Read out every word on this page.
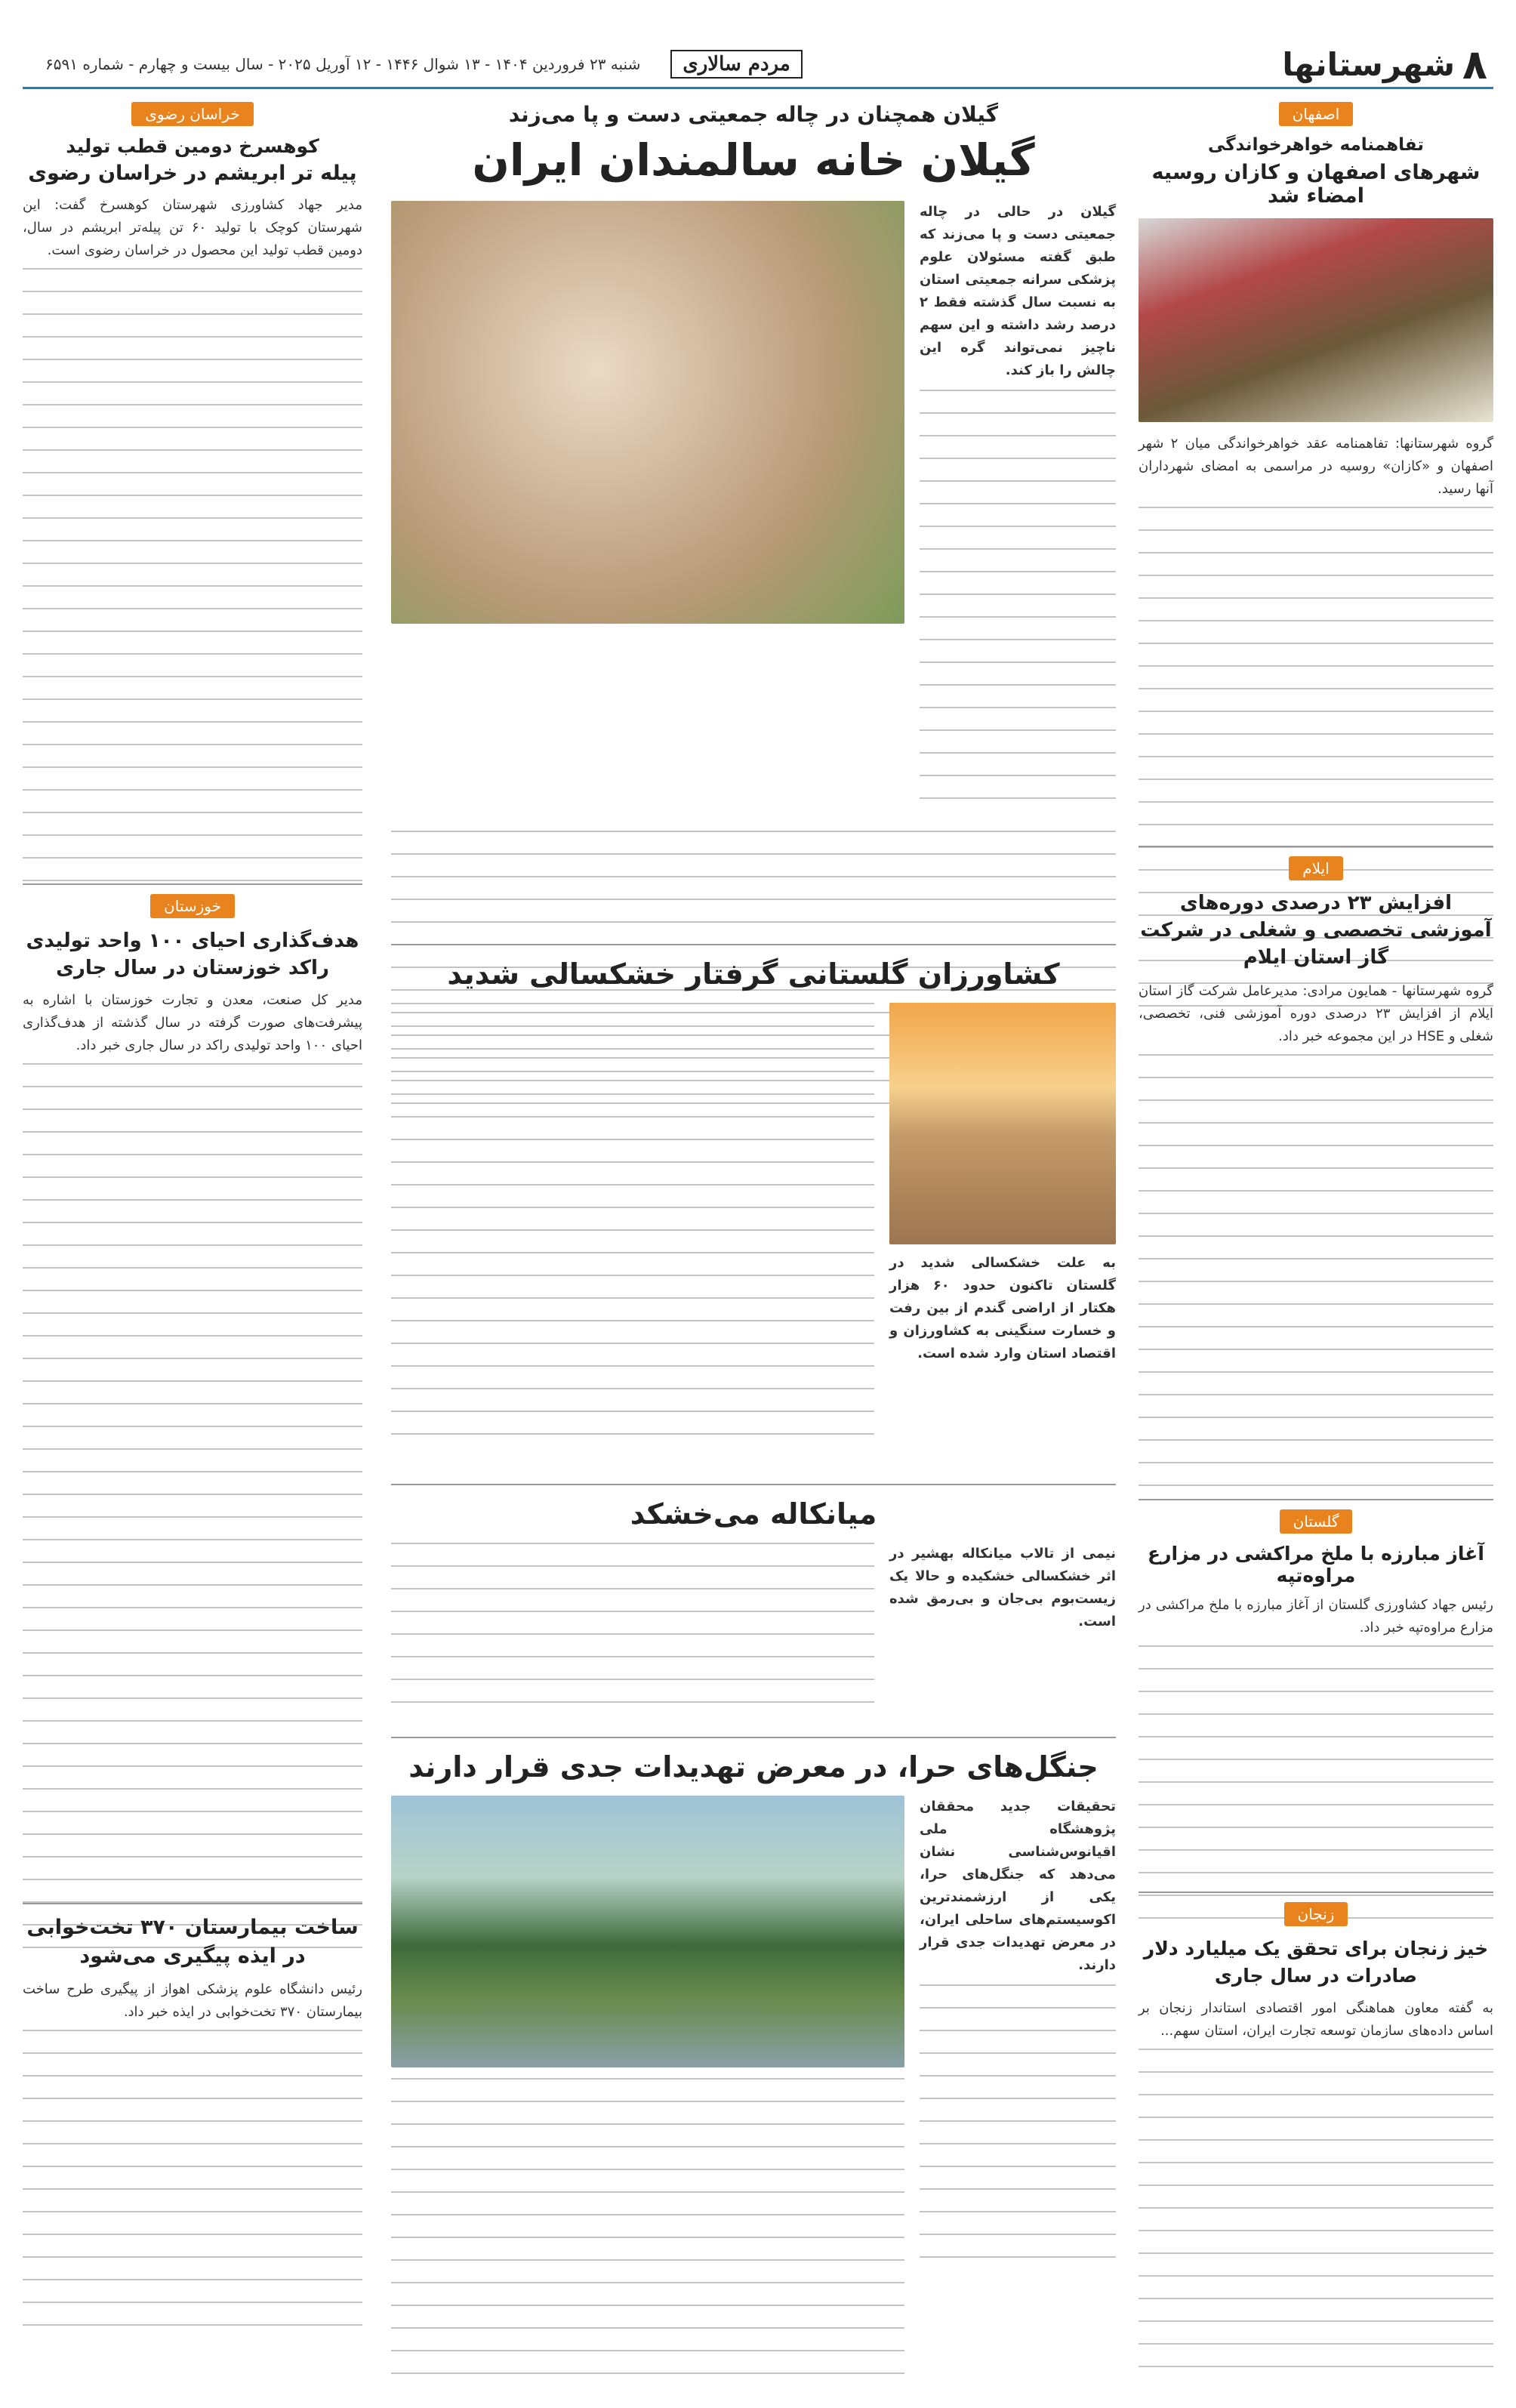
۸
شهرستانها
مردم سالاری
شنبه ۲۳ فروردین ۱۴۰۴ - ۱۳ شوال ۱۴۴۶ - ۱۲ آوریل ۲۰۲۵ - سال بیست و چهارم - شماره ۶۵۹۱
اصفهان
تفاهمنامه خواهرخواندگی
شهرهای اصفهان و کازان روسیه امضاء شد
گروه شهرستانها: تفاهمنامه عقد خواهرخواندگی میان ۲ شهر اصفهان و «کازان» روسیه در مراسمی به امضای شهرداران آنها رسید.
ایلام
افزایش ۲۳ درصدی دوره‌های آموزشی تخصصی و شغلی در شرکت گاز استان ایلام
گروه شهرستانها - همایون مرادی: مدیرعامل شرکت گاز استان ایلام از افزایش ۲۳ درصدی دوره آموزشی فنی، تخصصی، شغلی و HSE در این مجموعه خبر داد.
گلستان
آغاز مبارزه با ملخ مراکشی در مزارع مراوه‌تپه
رئیس جهاد کشاورزی گلستان از آغاز مبارزه با ملخ مراکشی در مزارع مراوه‌تپه خبر داد.
زنجان
خیز زنجان برای تحقق یک میلیارد دلار صادرات در سال جاری
به گفته معاون هماهنگی امور اقتصادی استاندار زنجان بر اساس داده‌های سازمان توسعه تجارت ایران، استان سهم...
گیلان همچنان در چاله جمعیتی دست و پا می‌زند
گیلان خانه سالمندان ایران
گیلان در حالی در چاله جمعیتی دست و پا می‌زند که طبق گفته مسئولان علوم پزشکی سرانه جمعیتی استان به نسبت سال گذشته فقط ۲ درصد رشد داشته و این سهم ناچیز نمی‌تواند گره این چالش را باز کند.
کشاورزان گلستانی گرفتار خشکسالی شدید
به علت خشکسالی شدید در گلستان تاکنون حدود ۶۰ هزار هکتار از اراضی گندم از بین رفت و خسارت سنگینی به کشاورزان و اقتصاد استان وارد شده است.
میانکاله می‌خشکد
نیمی از تالاب میانکاله بهشیر در اثر خشکسالی خشکیده و حالا یک زیست‌بوم بی‌جان و بی‌رمق شده است.
جنگل‌های حرا، در معرض تهدیدات جدی قرار دارند
تحقیقات جدید محققان پژوهشگاه ملی اقیانوس‌شناسی نشان می‌دهد که جنگل‌های حرا، یکی از ارزشمندترین اکوسیستم‌های ساحلی ایران، در معرض تهدیدات جدی قرار دارند.
خراسان رضوی
کوهسرخ دومین قطب تولید
پیله تر ابریشم در خراسان رضوی
مدیر جهاد کشاورزی شهرستان کوهسرخ گفت: این شهرستان کوچک با تولید ۶۰ تن پیله‌تر ابریشم در سال، دومین قطب تولید این محصول در خراسان رضوی است.
خوزستان
هدف‌گذاری احیای ۱۰۰ واحد تولیدی راکد خوزستان در سال جاری
مدیر کل صنعت، معدن و تجارت خوزستان با اشاره به پیشرفت‌های صورت گرفته در سال گذشته از هدف‌گذاری احیای ۱۰۰ واحد تولیدی راکد در سال جاری خبر داد.
ساخت بیمارستان ۳۷۰ تخت‌خوابی در ایذه پیگیری می‌شود
رئیس دانشگاه علوم پزشکی اهواز از پیگیری طرح ساخت بیمارستان ۳۷۰ تخت‌خوابی در ایذه خبر داد.
